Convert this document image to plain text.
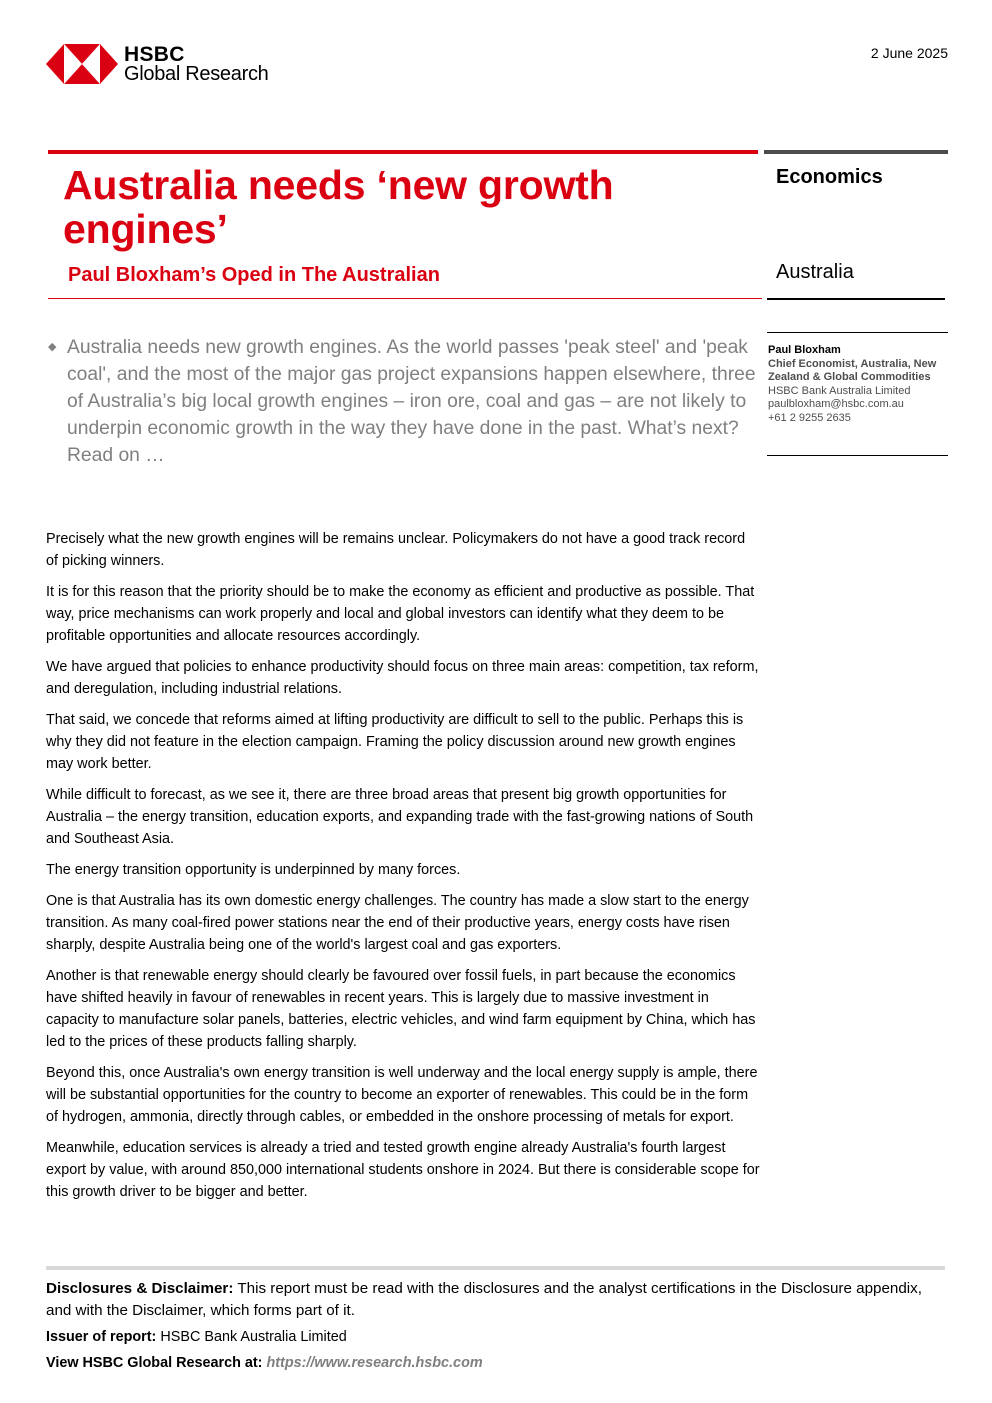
HSBC
Global Research
2 June 2025
Australia needs ‘new growth engines’
Paul Bloxham’s Oped in The Australian
Economics
Australia
Paul Bloxham
Chief Economist, Australia, New Zealand & Global Commodities
HSBC Bank Australia Limited
paulbloxham@hsbc.com.au
+61 2 9255 2635
◆ Australia needs new growth engines. As the world passes 'peak steel' and 'peak coal', and the most of the major gas project expansions happen elsewhere, three of Australia’s big local growth engines – iron ore, coal and gas – are not likely to underpin economic growth in the way they have done in the past. What’s next? Read on …

Precisely what the new growth engines will be remains unclear. Policymakers do not have a good track record of picking winners.

It is for this reason that the priority should be to make the economy as efficient and productive as possible. That way, price mechanisms can work properly and local and global investors can identify what they deem to be profitable opportunities and allocate resources accordingly.

We have argued that policies to enhance productivity should focus on three main areas: competition, tax reform, and deregulation, including industrial relations.

That said, we concede that reforms aimed at lifting productivity are difficult to sell to the public. Perhaps this is why they did not feature in the election campaign. Framing the policy discussion around new growth engines may work better.

While difficult to forecast, as we see it, there are three broad areas that present big growth opportunities for Australia – the energy transition, education exports, and expanding trade with the fast-growing nations of South and Southeast Asia.

The energy transition opportunity is underpinned by many forces.

One is that Australia has its own domestic energy challenges. The country has made a slow start to the energy transition. As many coal-fired power stations near the end of their productive years, energy costs have risen sharply, despite Australia being one of the world's largest coal and gas exporters.

Another is that renewable energy should clearly be favoured over fossil fuels, in part because the economics have shifted heavily in favour of renewables in recent years. This is largely due to massive investment in capacity to manufacture solar panels, batteries, electric vehicles, and wind farm equipment by China, which has led to the prices of these products falling sharply.

Beyond this, once Australia's own energy transition is well underway and the local energy supply is ample, there will be substantial opportunities for the country to become an exporter of renewables. This could be in the form of hydrogen, ammonia, directly through cables, or embedded in the onshore processing of metals for export.

Meanwhile, education services is already a tried and tested growth engine already Australia's fourth largest export by value, with around 850,000 international students onshore in 2024. But there is considerable scope for this growth driver to be bigger and better.

Disclosures & Disclaimer: This report must be read with the disclosures and the analyst certifications in the Disclosure appendix, and with the Disclaimer, which forms part of it.

Issuer of report: HSBC Bank Australia Limited

View HSBC Global Research at: https://www.research.hsbc.com
